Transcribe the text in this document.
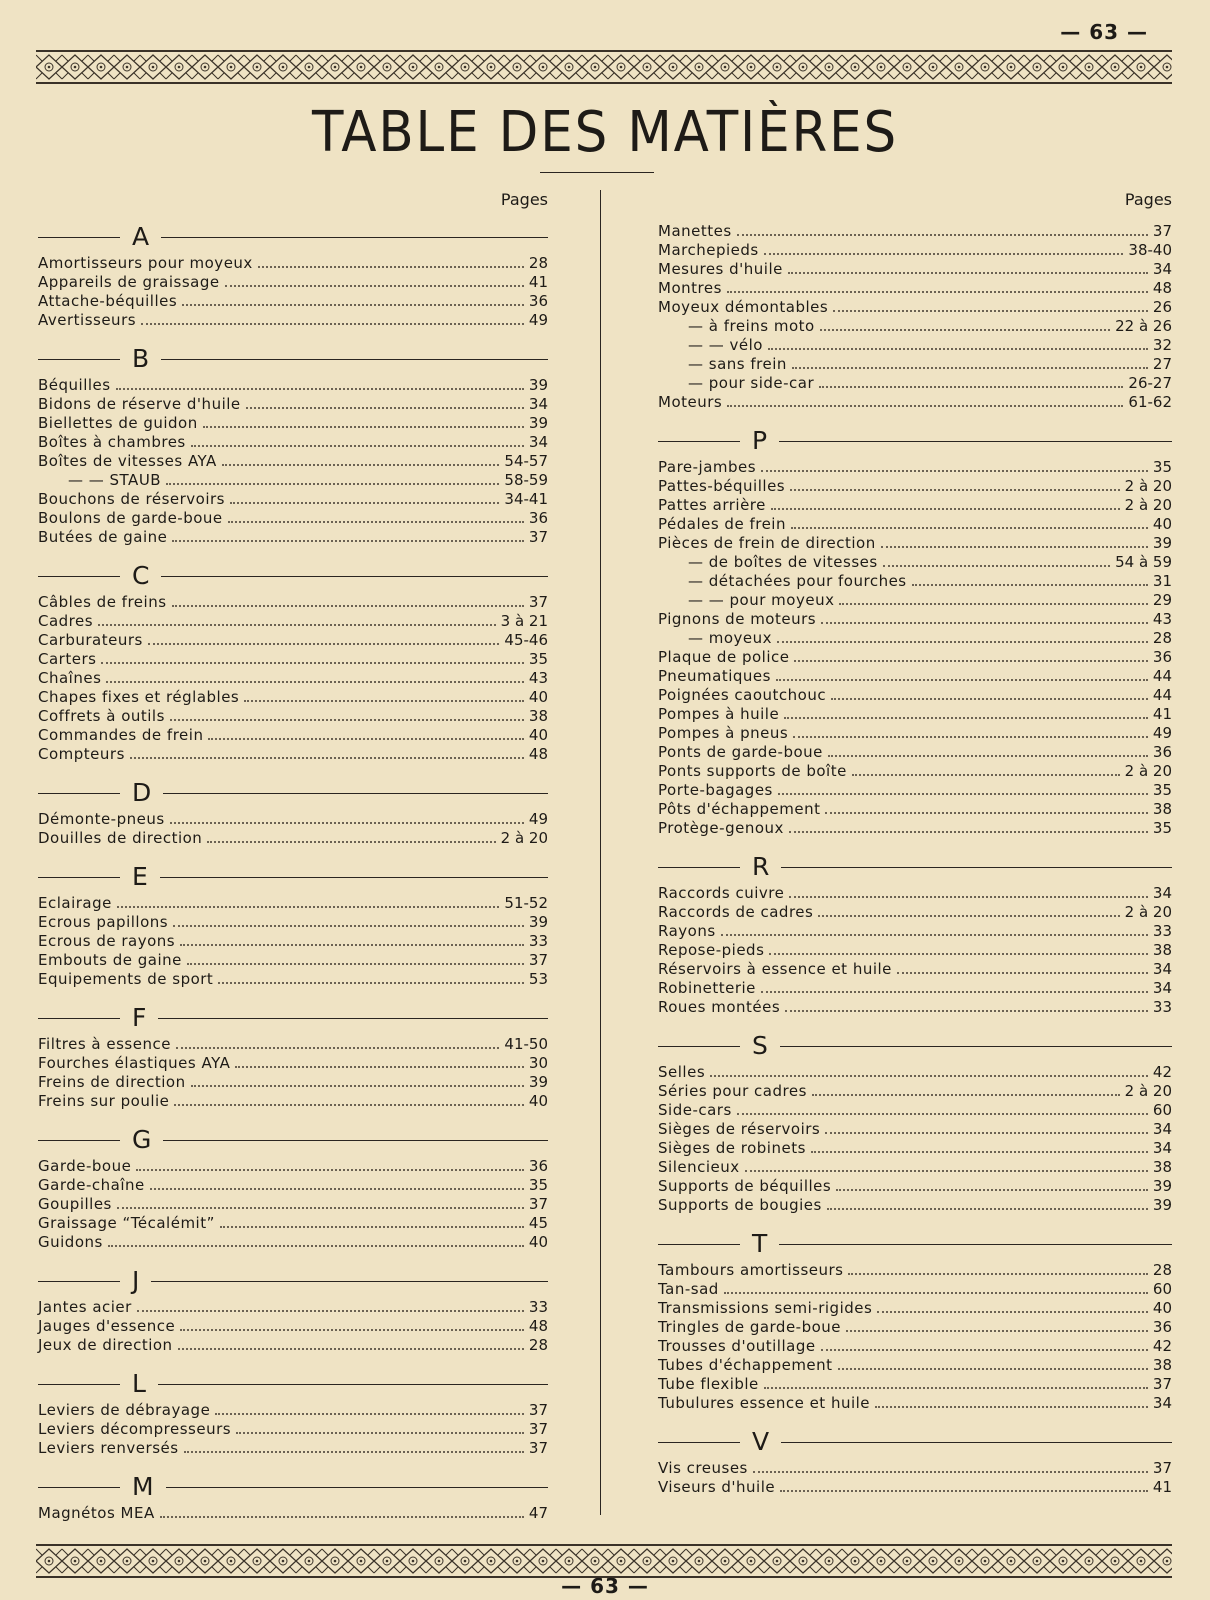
— 63 —
TABLE DES MATIÈRES
Pages
A
Amortisseurs pour moyeux	28
Appareils de graissage	41
Attache-béquilles	36
Avertisseurs	49
B
Béquilles	39
Bidons de réserve d'huile	34
Biellettes de guidon	39
Boîtes à chambres	34
Boîtes de vitesses AYA	54-57
— — STAUB	58-59
Bouchons de réservoirs	34-41
Boulons de garde-boue	36
Butées de gaine	37
C
Câbles de freins	37
Cadres	3 à 21
Carburateurs	45-46
Carters	35
Chaînes	43
Chapes fixes et réglables	40
Coffrets à outils	38
Commandes de frein	40
Compteurs	48
D
Démonte-pneus	49
Douilles de direction	2 à 20
E
Eclairage	51-52
Ecrous papillons	39
Ecrous de rayons	33
Embouts de gaine	37
Equipements de sport	53
F
Filtres à essence	41-50
Fourches élastiques AYA	30
Freins de direction	39
Freins sur poulie	40
G
Garde-boue	36
Garde-chaîne	35
Goupilles	37
Graissage “Técalémit”	45
Guidons	40
J
Jantes acier	33
Jauges d'essence	48
Jeux de direction	28
L
Leviers de débrayage	37
Leviers décompresseurs	37
Leviers renversés	37
M
Magnétos MEA	47
Pages
Manettes	37
Marchepieds	38-40
Mesures d'huile	34
Montres	48
Moyeux démontables	26
— à freins moto	22 à 26
— — vélo	32
— sans frein	27
— pour side-car	26-27
Moteurs	61-62
P
Pare-jambes	35
Pattes-béquilles	2 à 20
Pattes arrière	2 à 20
Pédales de frein	40
Pièces de frein de direction	39
— de boîtes de vitesses	54 à 59
— détachées pour fourches	31
— — pour moyeux	29
Pignons de moteurs	43
— moyeux	28
Plaque de police	36
Pneumatiques	44
Poignées caoutchouc	44
Pompes à huile	41
Pompes à pneus	49
Ponts de garde-boue	36
Ponts supports de boîte	2 à 20
Porte-bagages	35
Pôts d'échappement	38
Protège-genoux	35
R
Raccords cuivre	34
Raccords de cadres	2 à 20
Rayons	33
Repose-pieds	38
Réservoirs à essence et huile	34
Robinetterie	34
Roues montées	33
S
Selles	42
Séries pour cadres	2 à 20
Side-cars	60
Sièges de réservoirs	34
Sièges de robinets	34
Silencieux	38
Supports de béquilles	39
Supports de bougies	39
T
Tambours amortisseurs	28
Tan-sad	60
Transmissions semi-rigides	40
Tringles de garde-boue	36
Trousses d'outillage	42
Tubes d'échappement	38
Tube flexible	37
Tubulures essence et huile	34
V
Vis creuses	37
Viseurs d'huile	41
— 63 —
